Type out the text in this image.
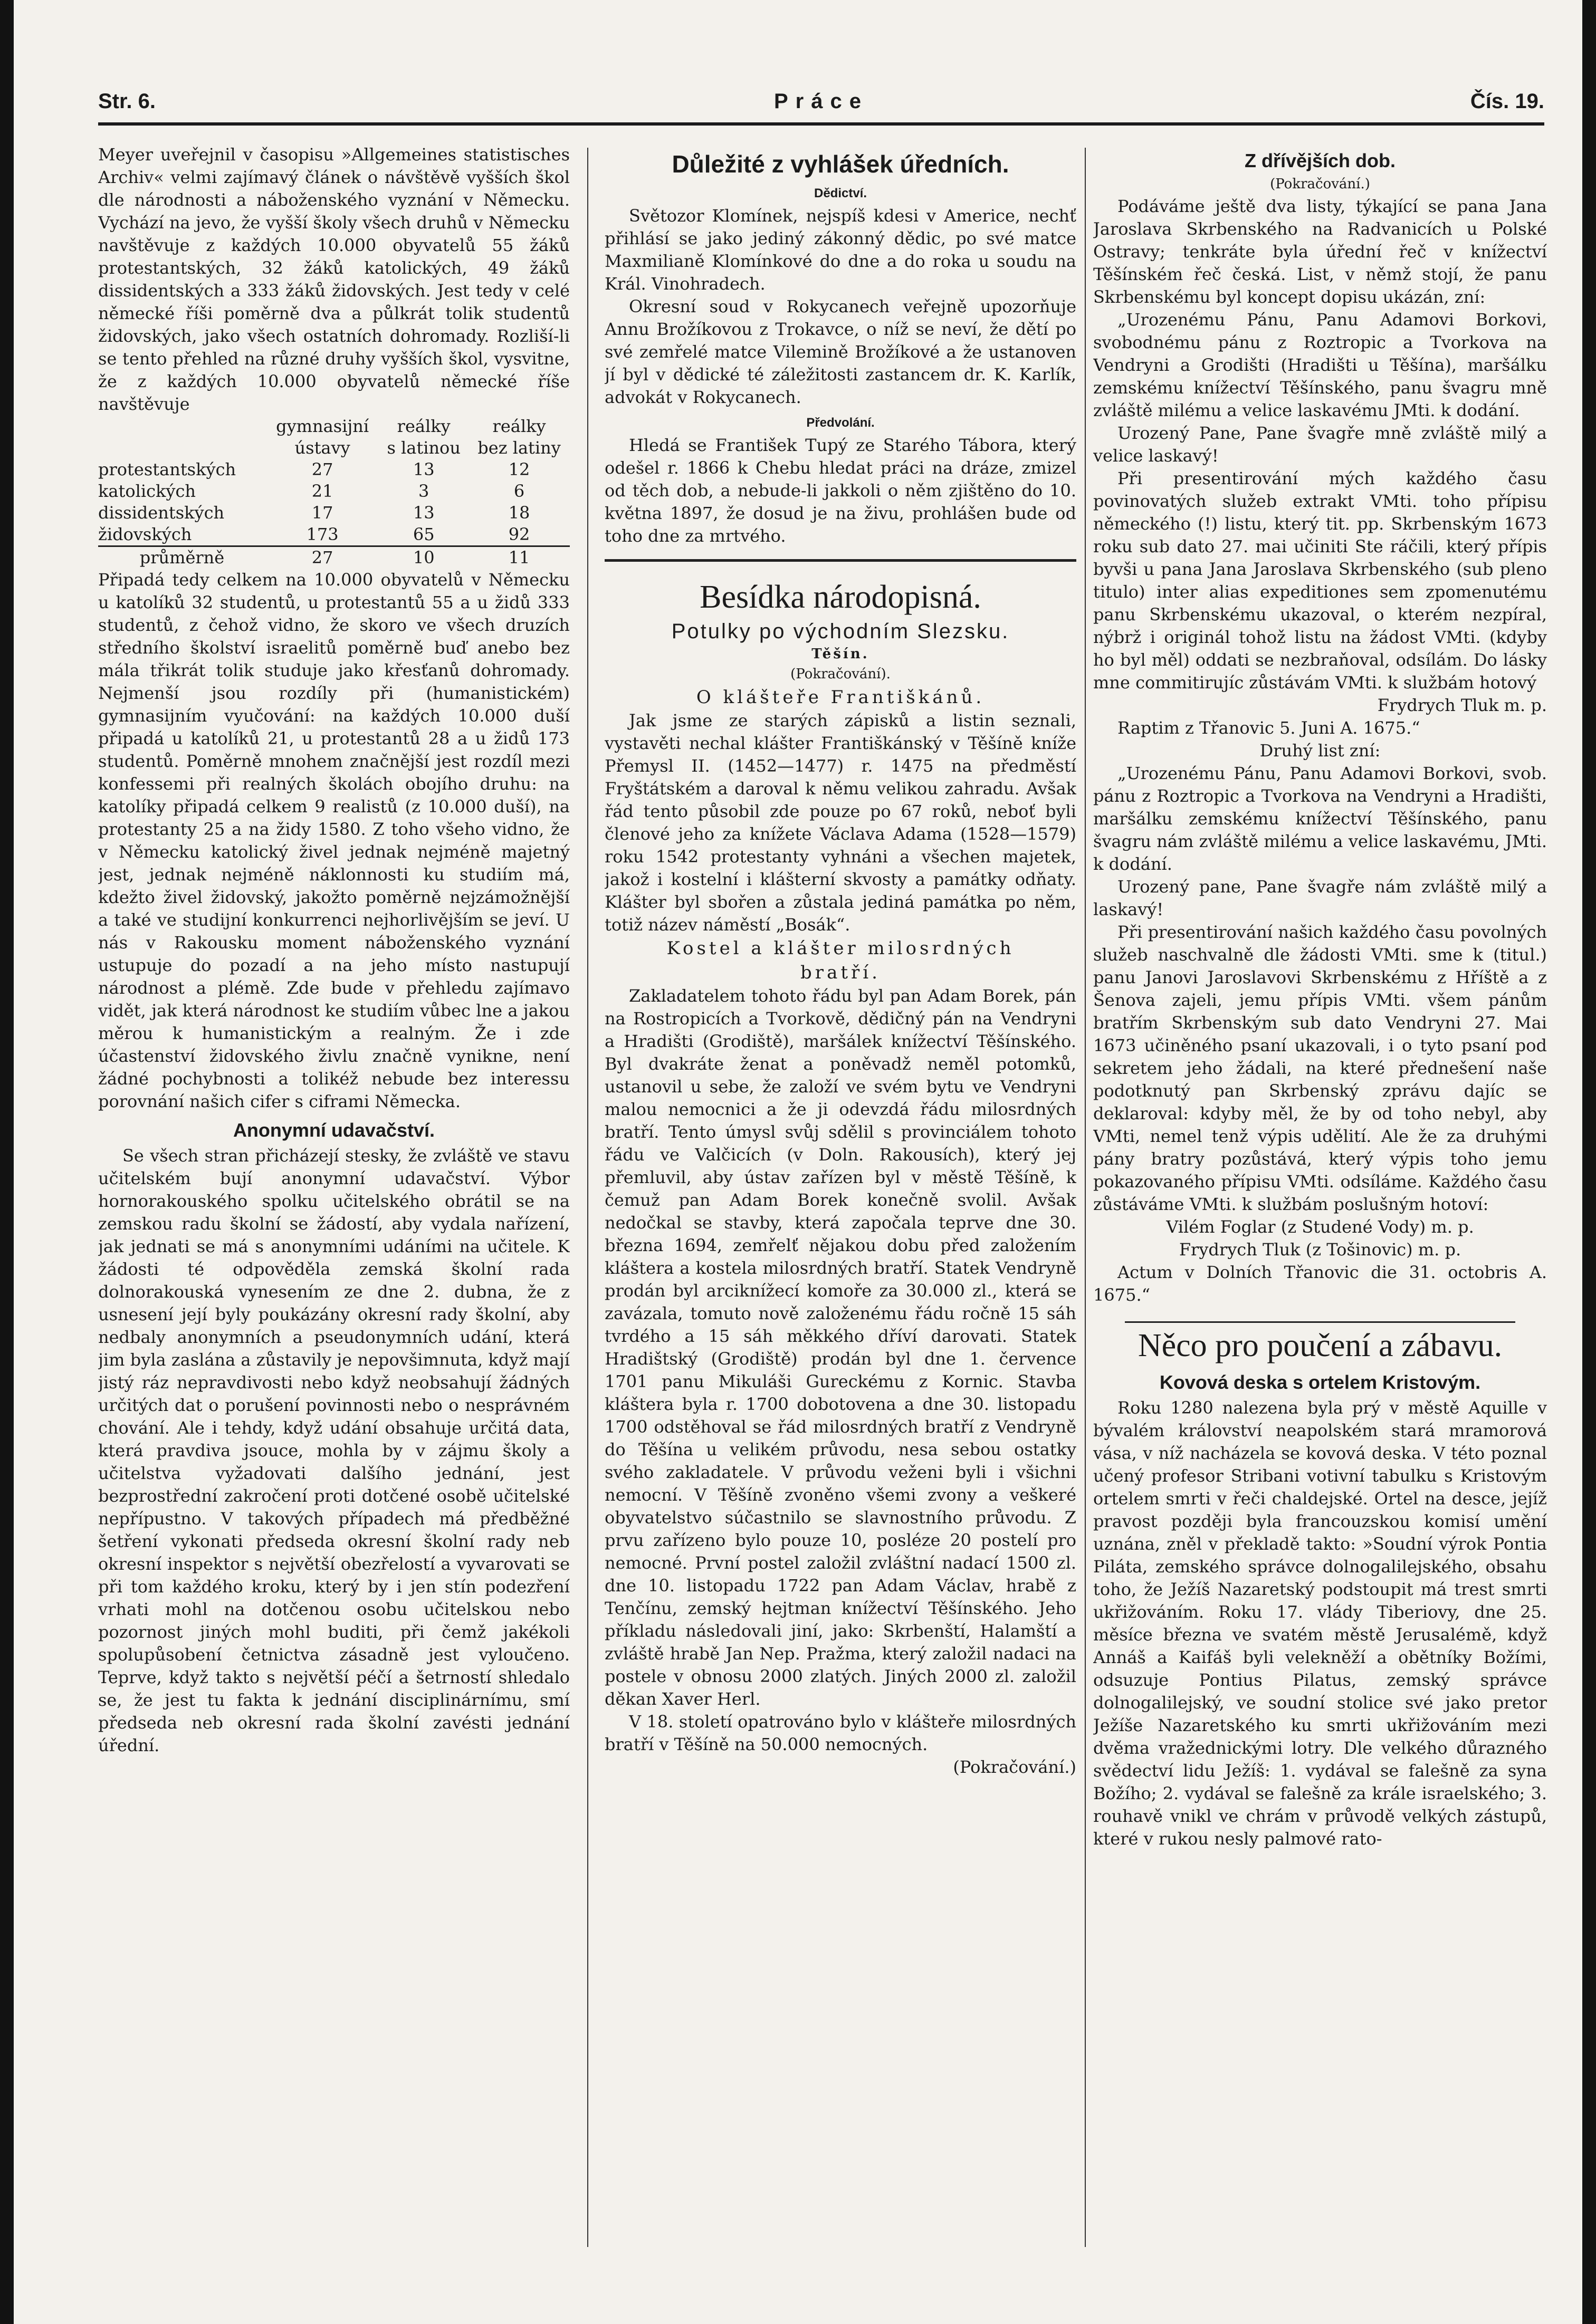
Str. 6.	Práce	Čís. 19.

Meyer uveřejnil v časopisu »Allgemeines statistisches Archiv« velmi zajímavý článek o návštěvě vyšších škol dle národnosti a náboženského vyznání v Německu. Vychází na jevo, že vyšší školy všech druhů v Německu navštěvuje z každých 10.000 obyvatelů 55 žáků protestantských, 32 žáků katolických, 49 žáků dissidentských a 333 žáků židovských. Jest tedy v celé německé říši poměrně dva a půlkrát tolik studentů židovských, jako všech ostatních dohromady. Rozliší-li se tento přehled na různé druhy vyšších škol, vysvitne, že z každých 10.000 obyvatelů německé říše navštěvuje

	gymnasijní	reálky	reálky
	ústavy	s latinou	bez latiny
protestantských	27	13	12
katolických	21	3	6
dissidentských	17	13	18
židovských	173	65	92
průměrně	27	10	11

Připadá tedy celkem na 10.000 obyvatelů v Německu u katolíků 32 studentů, u protestantů 55 a u židů 333 studentů, z čehož vidno, že skoro ve všech druzích středního školství israelitů poměrně buď anebo bez mála třikrát tolik studuje jako křesťanů dohromady. Nejmenší jsou rozdíly při (humanistickém) gymnasijním vyučování: na každých 10.000 duší připadá u katolíků 21, u protestantů 28 a u židů 173 studentů. Poměrně mnohem značnější jest rozdíl mezi konfessemi při realných školách obojího druhu: na katolíky připadá celkem 9 realistů (z 10.000 duší), na protestanty 25 a na židy 1580. Z toho všeho vidno, že v Německu katolický živel jednak nejméně majetný jest, jednak nejméně náklonnosti ku studiím má, kdežto živel židovský, jakožto poměrně nejzámožnější a také ve studijní konkurrenci nejhorlivějším se jeví. U nás v Rakousku moment náboženského vyznání ustupuje do pozadí a na jeho místo nastupují národnost a plémě. Zde bude v přehledu zajímavo vidět, jak která národnost ke studiím vůbec lne a jakou měrou k humanistickým a realným. Že i zde účastenství židovského živlu značně vynikne, není žádné pochybnosti a tolikéž nebude bez interessu porovnání našich cifer s ciframi Německa.

Anonymní udavačství.

Se všech stran přicházejí stesky, že zvláště ve stavu učitelském bují anonymní udavačství. Výbor hornorakouského spolku učitelského obrátil se na zemskou radu školní se žádostí, aby vydala nařízení, jak jednati se má s anonymními udáními na učitele. K žádosti té odpověděla zemská školní rada dolnorakouská vynesením ze dne 2. dubna, že z usnesení její byly poukázány okresní rady školní, aby nedbaly anonymních a pseudonymních udání, která jim byla zaslána a zůstavily je nepovšimnuta, když mají jistý ráz nepravdivosti nebo když neobsahují žádných určitých dat o porušení povinnosti nebo o nesprávném chování. Ale i tehdy, když udání obsahuje určitá data, která pravdiva jsouce, mohla by v zájmu školy a učitelstva vyžadovati dalšího jednání, jest bezprostřední zakročení proti dotčené osobě učitelské nepřípustno. V takových případech má předběžné šetření vykonati předseda okresní školní rady neb okresní inspektor s největší obezřelostí a vyvarovati se při tom každého kroku, který by i jen stín podezření vrhati mohl na dotčenou osobu učitelskou nebo pozornost jiných mohl buditi, při čemž jakékoli spolupůsobení četnictva zásadně jest vyloučeno. Teprve, když takto s největší péčí a šetrností shledalo se, že jest tu fakta k jednání disciplinárnímu, smí předseda neb okresní rada školní zavésti jednání úřední.

Důležité z vyhlášek úředních.
Dědictví.

Světozor Klomínek, nejspíš kdesi v Americe, nechť přihlásí se jako jediný zákonný dědic, po své matce Maxmilianě Klomínkové do dne a do roka u soudu na Král. Vinohradech.

Okresní soud v Rokycanech veřejně upozorňuje Annu Brožíkovou z Trokavce, o níž se neví, že dětí po své zemřelé matce Vilemině Brožíkové a že ustanoven jí byl v dědické té záležitosti zastancem dr. K. Karlík, advokát v Rokycanech.

Předvolání.

Hledá se František Tupý ze Starého Tábora, který odešel r. 1866 k Chebu hledat práci na dráze, zmizel od těch dob, a nebude-li jakkoli o něm zjištěno do 10. května 1897, že dosud je na živu, prohlášen bude od toho dne za mrtvého.

Besídka národopisná.
Potulky po východním Slezsku.
Těšín.
(Pokračování).
O klášteře Františkánů.

Jak jsme ze starých zápisků a listin seznali, vystavěti nechal klášter Františkánský v Těšíně kníže Přemysl II. (1452—1477) r. 1475 na předměstí Fryštátském a daroval k němu velikou zahradu. Avšak řád tento působil zde pouze po 67 roků, neboť byli členové jeho za knížete Václava Adama (1528—1579) roku 1542 protestanty vyhnáni a všechen majetek, jakož i kostelní i klášterní skvosty a památky odňaty. Klášter byl sbořen a zůstala jediná památka po něm, totiž název náměstí „Bosák“.

Kostel a klášter milosrdných
bratří.

Zakladatelem tohoto řádu byl pan Adam Borek, pán na Rostropicích a Tvorkově, dědičný pán na Vendryni a Hradišti (Grodiště), maršálek knížectví Těšínského. Byl dvakráte ženat a poněvadž neměl potomků, ustanovil u sebe, že založí ve svém bytu ve Vendryni malou nemocnici a že ji odevzdá řádu milosrdných bratří. Tento úmysl svůj sdělil s provinciálem tohoto řádu ve Valčicích (v Doln. Rakousích), který jej přemluvil, aby ústav zařízen byl v městě Těšíně, k čemuž pan Adam Borek konečně svolil. Avšak nedočkal se stavby, která započala teprve dne 30. března 1694, zemřelť nějakou dobu před založením kláštera a kostela milosrdných bratří. Statek Vendryně prodán byl arciknížecí komoře za 30.000 zl., která se zavázala, tomuto nově založenému řádu ročně 15 sáh tvrdého a 15 sáh měkkého dříví darovati. Statek Hradištský (Grodiště) prodán byl dne 1. července 1701 panu Mikuláši Gureckému z Kornic. Stavba kláštera byla r. 1700 dobotovena a dne 30. listopadu 1700 odstěhoval se řád milosrdných bratří z Vendryně do Těšína u velikém průvodu, nesa sebou ostatky svého zakladatele. V průvodu veženi byli i všichni nemocní. V Těšíně zvoněno všemi zvony a veškeré obyvatelstvo súčastnilo se slavnostního průvodu. Z prvu zařízeno bylo pouze 10, posléze 20 postelí pro nemocné. První postel založil zvláštní nadací 1500 zl. dne 10. listopadu 1722 pan Adam Václav, hrabě z Tenčínu, zemský hejtman knížectví Těšínského. Jeho příkladu následovali jiní, jako: Skrbenští, Halamští a zvláště hrabě Jan Nep. Pražma, který založil nadaci na postele v obnosu 2000 zlatých. Jiných 2000 zl. založil děkan Xaver Herl.

V 18. století opatrováno bylo v klášteře milosrdných bratří v Těšíně na 50.000 nemocných.

(Pokračování.)
Z dřívějších dob.
(Pokračování.)

Podáváme ještě dva listy, týkající se pana Jana Jaroslava Skrbenského na Radvanicích u Polské Ostravy; tenkráte byla úřední řeč v knížectví Těšínském řeč česká. List, v němž stojí, že panu Skrbenskému byl koncept dopisu ukázán, zní:

„Urozenému Pánu, Panu Adamovi Borkovi, svobodnému pánu z Roztropic a Tvorkova na Vendryni a Grodišti (Hradišti u Těšína), maršálku zemskému knížectví Těšínského, panu švagru mně zvláště milému a velice laskavému JMti. k dodání.

Urozený Pane, Pane švagře mně zvláště milý a velice laskavý!

Při presentirování mých každého času povinovatých služeb extrakt VMti. toho přípisu německého (!) listu, který tit. pp. Skrbenským 1673 roku sub dato 27. mai učiniti Ste ráčili, který přípis byvši u pana Jana Jaroslava Skrbenského (sub pleno titulo) inter alias expeditiones sem zpomenutému panu Skrbenskému ukazoval, o kterém nezpíral, nýbrž i originál tohož listu na žádost VMti. (kdyby ho byl měl) oddati se nezbraňoval, odsílám. Do lásky mne commitirujíc zůstávám VMti. k službám hotový

Frydrych Tluk m. p.

Raptim z Třanovic 5. Juni A. 1675.“

Druhý list zní:

„Urozenému Pánu, Panu Adamovi Borkovi, svob. pánu z Roztropic a Tvorkova na Vendryni a Hradišti, maršálku zemskému knížectví Těšínského, panu švagru nám zvláště milému a velice laskavému, JMti. k dodání.

Urozený pane, Pane švagře nám zvláště milý a laskavý!

Při presentirování našich každého času povolných služeb naschvalně dle žádosti VMti. sme k (titul.) panu Janovi Jaroslavovi Skrbenskému z Hříště a z Šenova zajeli, jemu přípis VMti. všem pánům bratřím Skrbenským sub dato Vendryni 27. Mai 1673 učiněného psaní ukazovali, i o tyto psaní pod sekretem jeho žádali, na které přednešení naše podotknutý pan Skrbenský zprávu dajíc se deklaroval: kdyby měl, že by od toho nebyl, aby VMti, nemel tenž výpis udělití. Ale že za druhými pány bratry pozůstává, který výpis toho jemu pokazovaného přípisu VMti. odsíláme. Každého času zůstáváme VMti. k službám poslušným hotoví:

Vilém Foglar (z Studené Vody) m. p.
Frydrych Tluk (z Tošinovic) m. p.

Actum v Dolních Třanovic die 31. octobris A. 1675.“

Něco pro poučení a zábavu.
Kovová deska s ortelem Kristovým.

Roku 1280 nalezena byla prý v městě Aquille v bývalém království neapolském stará mramorová vása, v níž nacházela se kovová deska. V této poznal učený profesor Stribani votivní tabulku s Kristovým ortelem smrti v řeči chaldejské. Ortel na desce, jejíž pravost později byla francouzskou komisí umění uznána, zněl v překladě takto: »Soudní výrok Pontia Piláta, zemského správce dolnogalilejského, obsahu toho, že Ježíš Nazaretský podstoupit má trest smrti ukřižováním. Roku 17. vlády Tiberiovy, dne 25. měsíce března ve svatém městě Jerusalémě, když Annáš a Kaifáš byli velekněží a obětníky Božími, odsuzuje Pontius Pilatus, zemský správce dolnogalilejský, ve soudní stolice své jako pretor Ježíše Nazaretského ku smrti ukřižováním mezi dvěma vražednickými lotry. Dle velkého důrazného svědectví lidu Ježíš: 1. vydával se falešně za syna Božího; 2. vydával se falešně za krále israelského; 3. rouhavě vnikl ve chrám v průvodě velkých zástupů, které v rukou nesly palmové rato-
